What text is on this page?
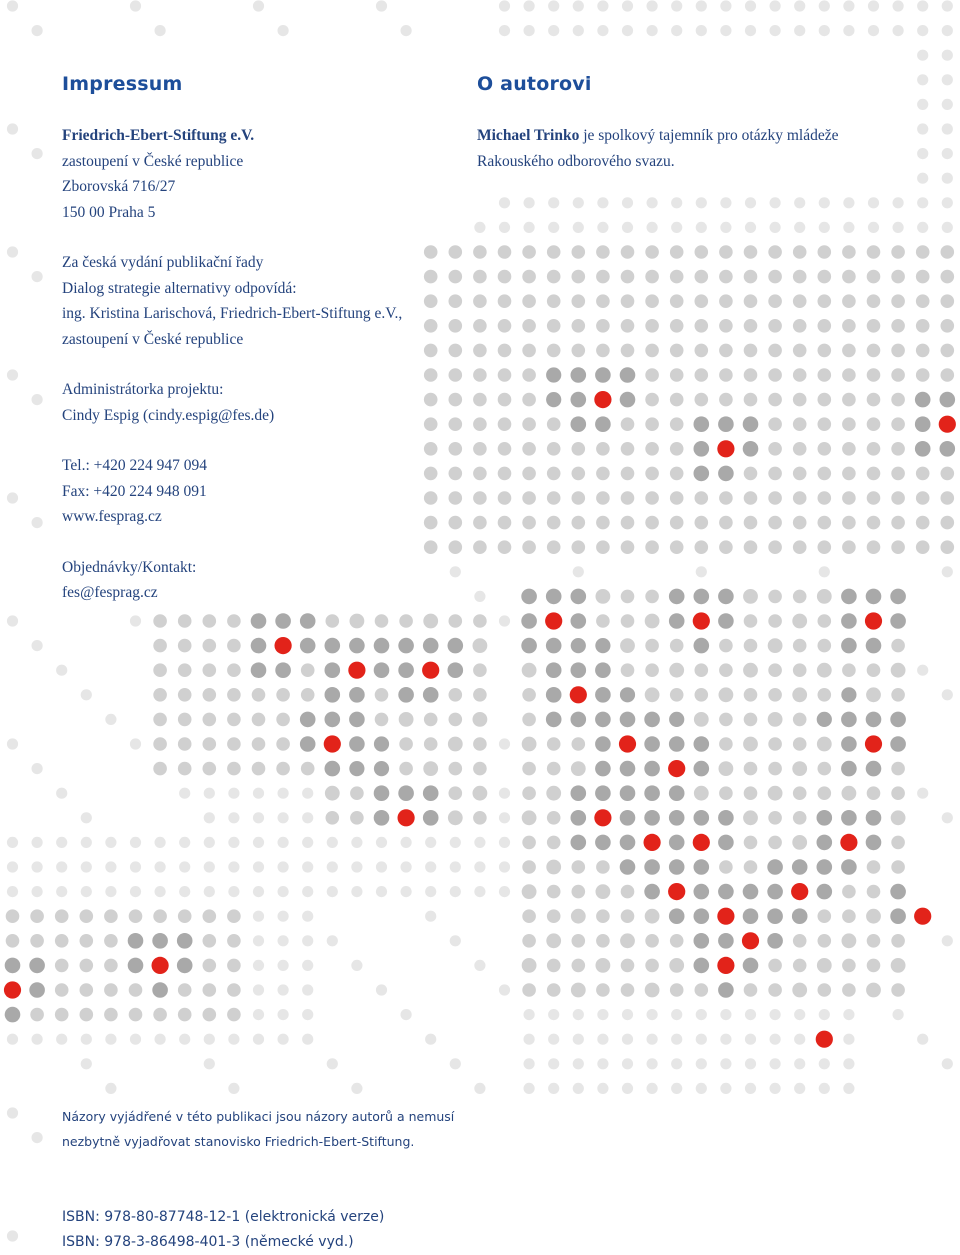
Impressum

Friedrich-Ebert-Stiftung e.V.

zastoupení v České republice

Zborovská 716/27

150 00 Praha 5

Za česká vydání publikační řady

Dialog strategie alternativy odpovídá:

ing. Kristina Larischová, Friedrich-Ebert-Stiftung e.V.,

zastoupení v České republice

Administrátorka projektu:

Cindy Espig (cindy.espig@fes.de)

Tel.: +420 224 947 094

Fax: +420 224 948 091

www.fesprag.cz

Objednávky/Kontakt:

fes@fesprag.cz

O autorovi

Michael Trinko je spolkový tajemník pro otázky mládeže

Rakouského odborového svazu.

Názory vyjádřené v této publikaci jsou názory autorů a nemusí

nezbytně vyjadřovat stanovisko Friedrich-Ebert-Stiftung.

ISBN: 978-80-87748-12-1 (elektronická verze)

ISBN: 978-3-86498-401-3 (německé vyd.)
